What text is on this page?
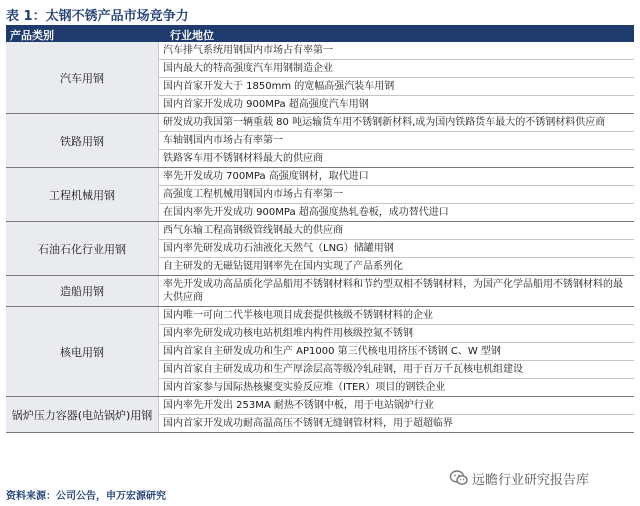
表 1：太钢不锈产品市场竞争力
产品类别	行业地位
汽车用钢
汽车排气系统用钢国内市场占有率第一
国内最大的特高强度汽车用钢制造企业
国内首家开发大于 1850mm 的宽幅高强汽装车用钢
国内首家开发成功 900MPa 超高强度汽车用钢
铁路用钢
研发成功我国第一辆重载 80 吨运输货车用不锈钢新材料,成为国内铁路货车最大的不锈钢材料供应商
车轴钢国内市场占有率第一
铁路客车用不锈钢材料最大的供应商
工程机械用钢
率先开发成功 700MPa 高强度钢材，取代进口
高强度工程机械用钢国内市场占有率第一
在国内率先开发成功 900MPa 超高强度热轧卷板，成功替代进口
石油石化行业用钢
西气东输工程高钢级管线钢最大的供应商
国内率先研发成功石油液化天然气（LNG）储罐用钢
自主研发的无磁钻铤用钢率先在国内实现了产品系列化
造船用钢
率先开发成功高品质化学品船用不锈钢材料和节约型双相不锈钢材料，为国产化学品船用不锈钢材料的最大供应商
核电用钢
国内唯一可向二代半核电项目成套提供核级不锈钢材料的企业
国内率先研发成功核电站机组堆内构件用核级控氮不锈钢
国内首家自主研发成功和生产 AP1000 第三代核电用挤压不锈钢 C、W 型钢
国内首家自主研发成功和生产厚涂层高等级冷轧硅钢，用于百万千瓦核电机组建设
国内首家参与国际热核聚变实验反应堆（ITER）项目的钢铁企业
锅炉压力容器(电站锅炉)用钢
国内率先开发出 253MA 耐热不锈钢中板，用于电站锅炉行业
国内首家开发成功耐高温高压不锈钢无缝钢管材料，用于超超临界
资料来源：公司公告，申万宏源研究
远瞻行业研究报告库
